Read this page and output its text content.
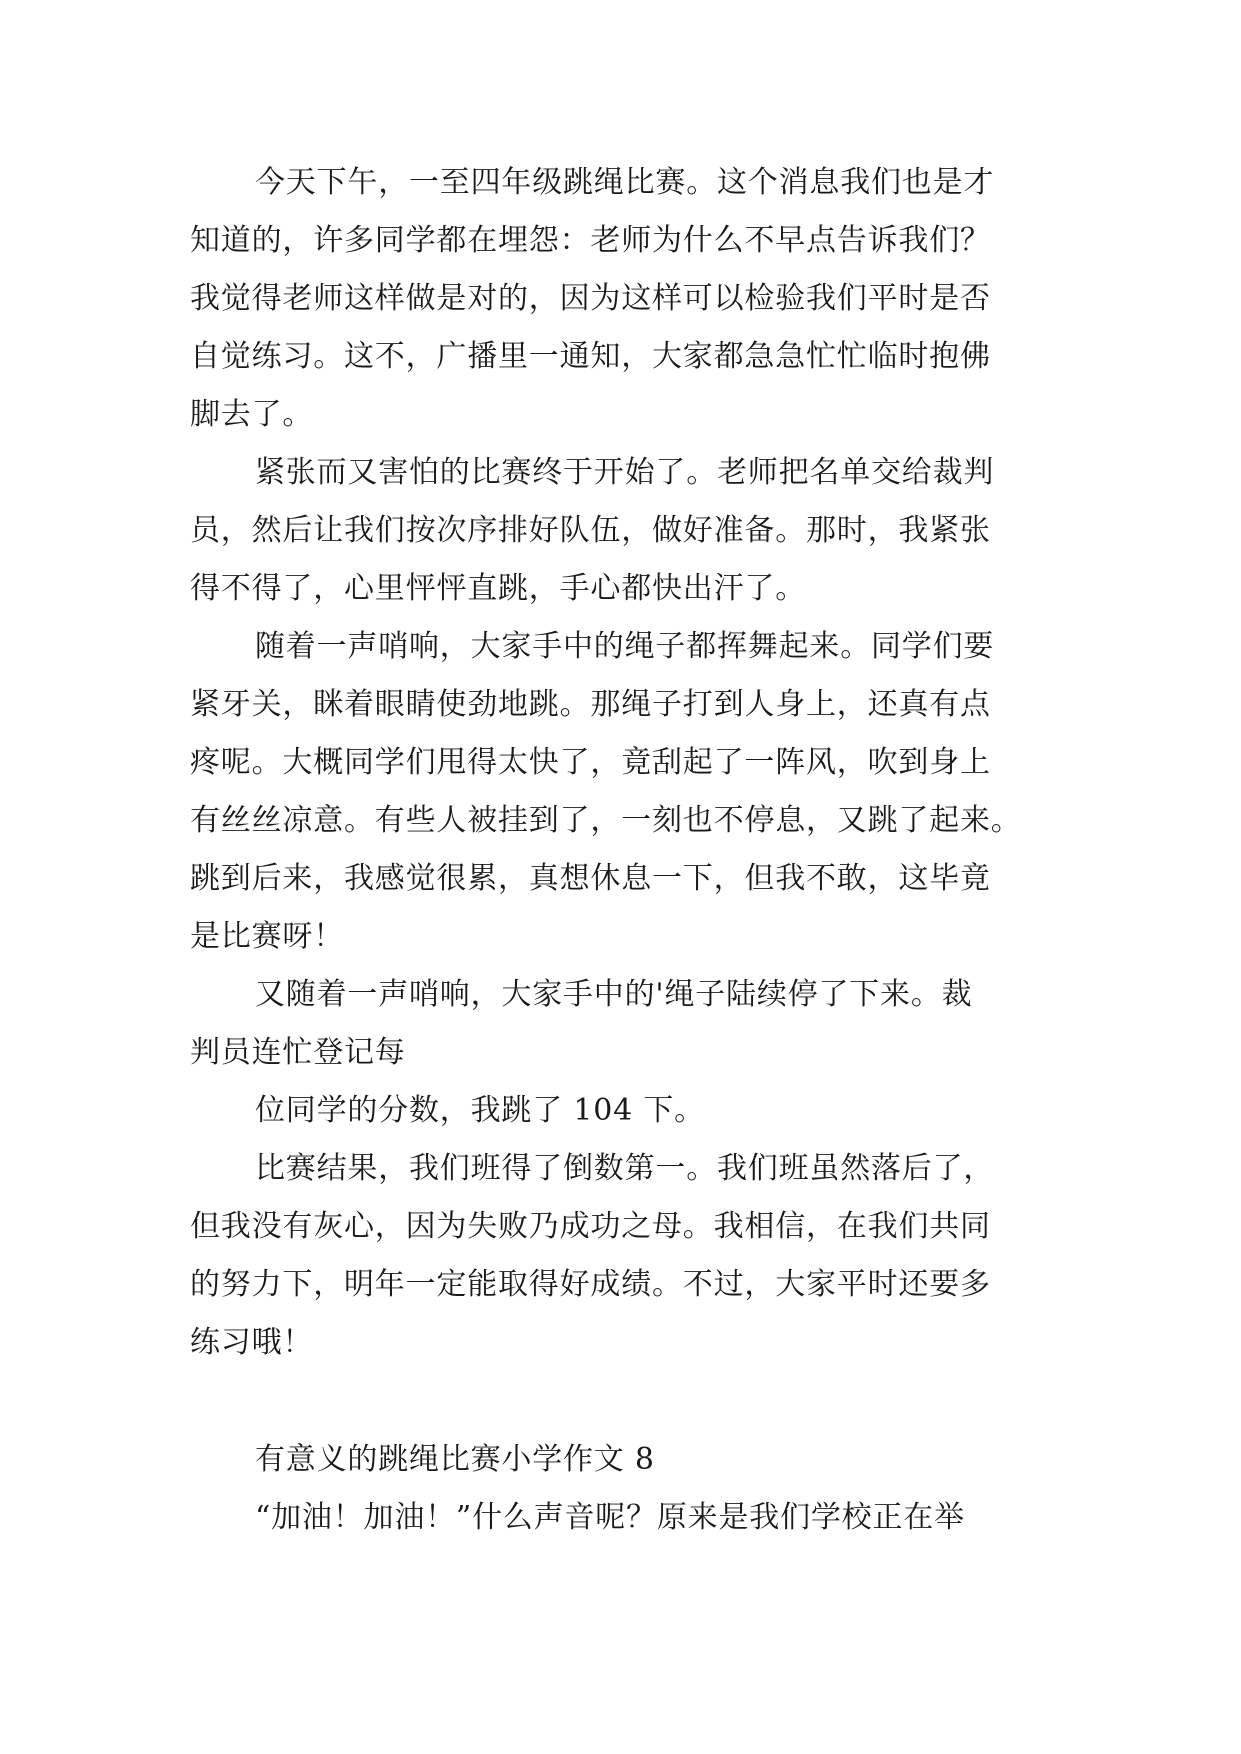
今天下午，一至四年级跳绳比赛。这个消息我们也是才
知道的，许多同学都在埋怨：老师为什么不早点告诉我们？
我觉得老师这样做是对的，因为这样可以检验我们平时是否
自觉练习。这不，广播里一通知，大家都急急忙忙临时抱佛
脚去了。
紧张而又害怕的比赛终于开始了。老师把名单交给裁判
员，然后让我们按次序排好队伍，做好准备。那时，我紧张
得不得了，心里怦怦直跳，手心都快出汗了。
随着一声哨响，大家手中的绳子都挥舞起来。同学们要
紧牙关，眯着眼睛使劲地跳。那绳子打到人身上，还真有点
疼呢。大概同学们甩得太快了，竟刮起了一阵风，吹到身上
有丝丝凉意。有些人被挂到了，一刻也不停息，又跳了起来。
跳到后来，我感觉很累，真想休息一下，但我不敢，这毕竟
是比赛呀！
又随着一声哨响，大家手中的'绳子陆续停了下来。裁
判员连忙登记每
位同学的分数，我跳了 104 下。
比赛结果，我们班得了倒数第一。我们班虽然落后了，
但我没有灰心，因为失败乃成功之母。我相信，在我们共同
的努力下，明年一定能取得好成绩。不过，大家平时还要多
练习哦！
有意义的跳绳比赛小学作文 8
“加油！加油！”什么声音呢？原来是我们学校正在举
